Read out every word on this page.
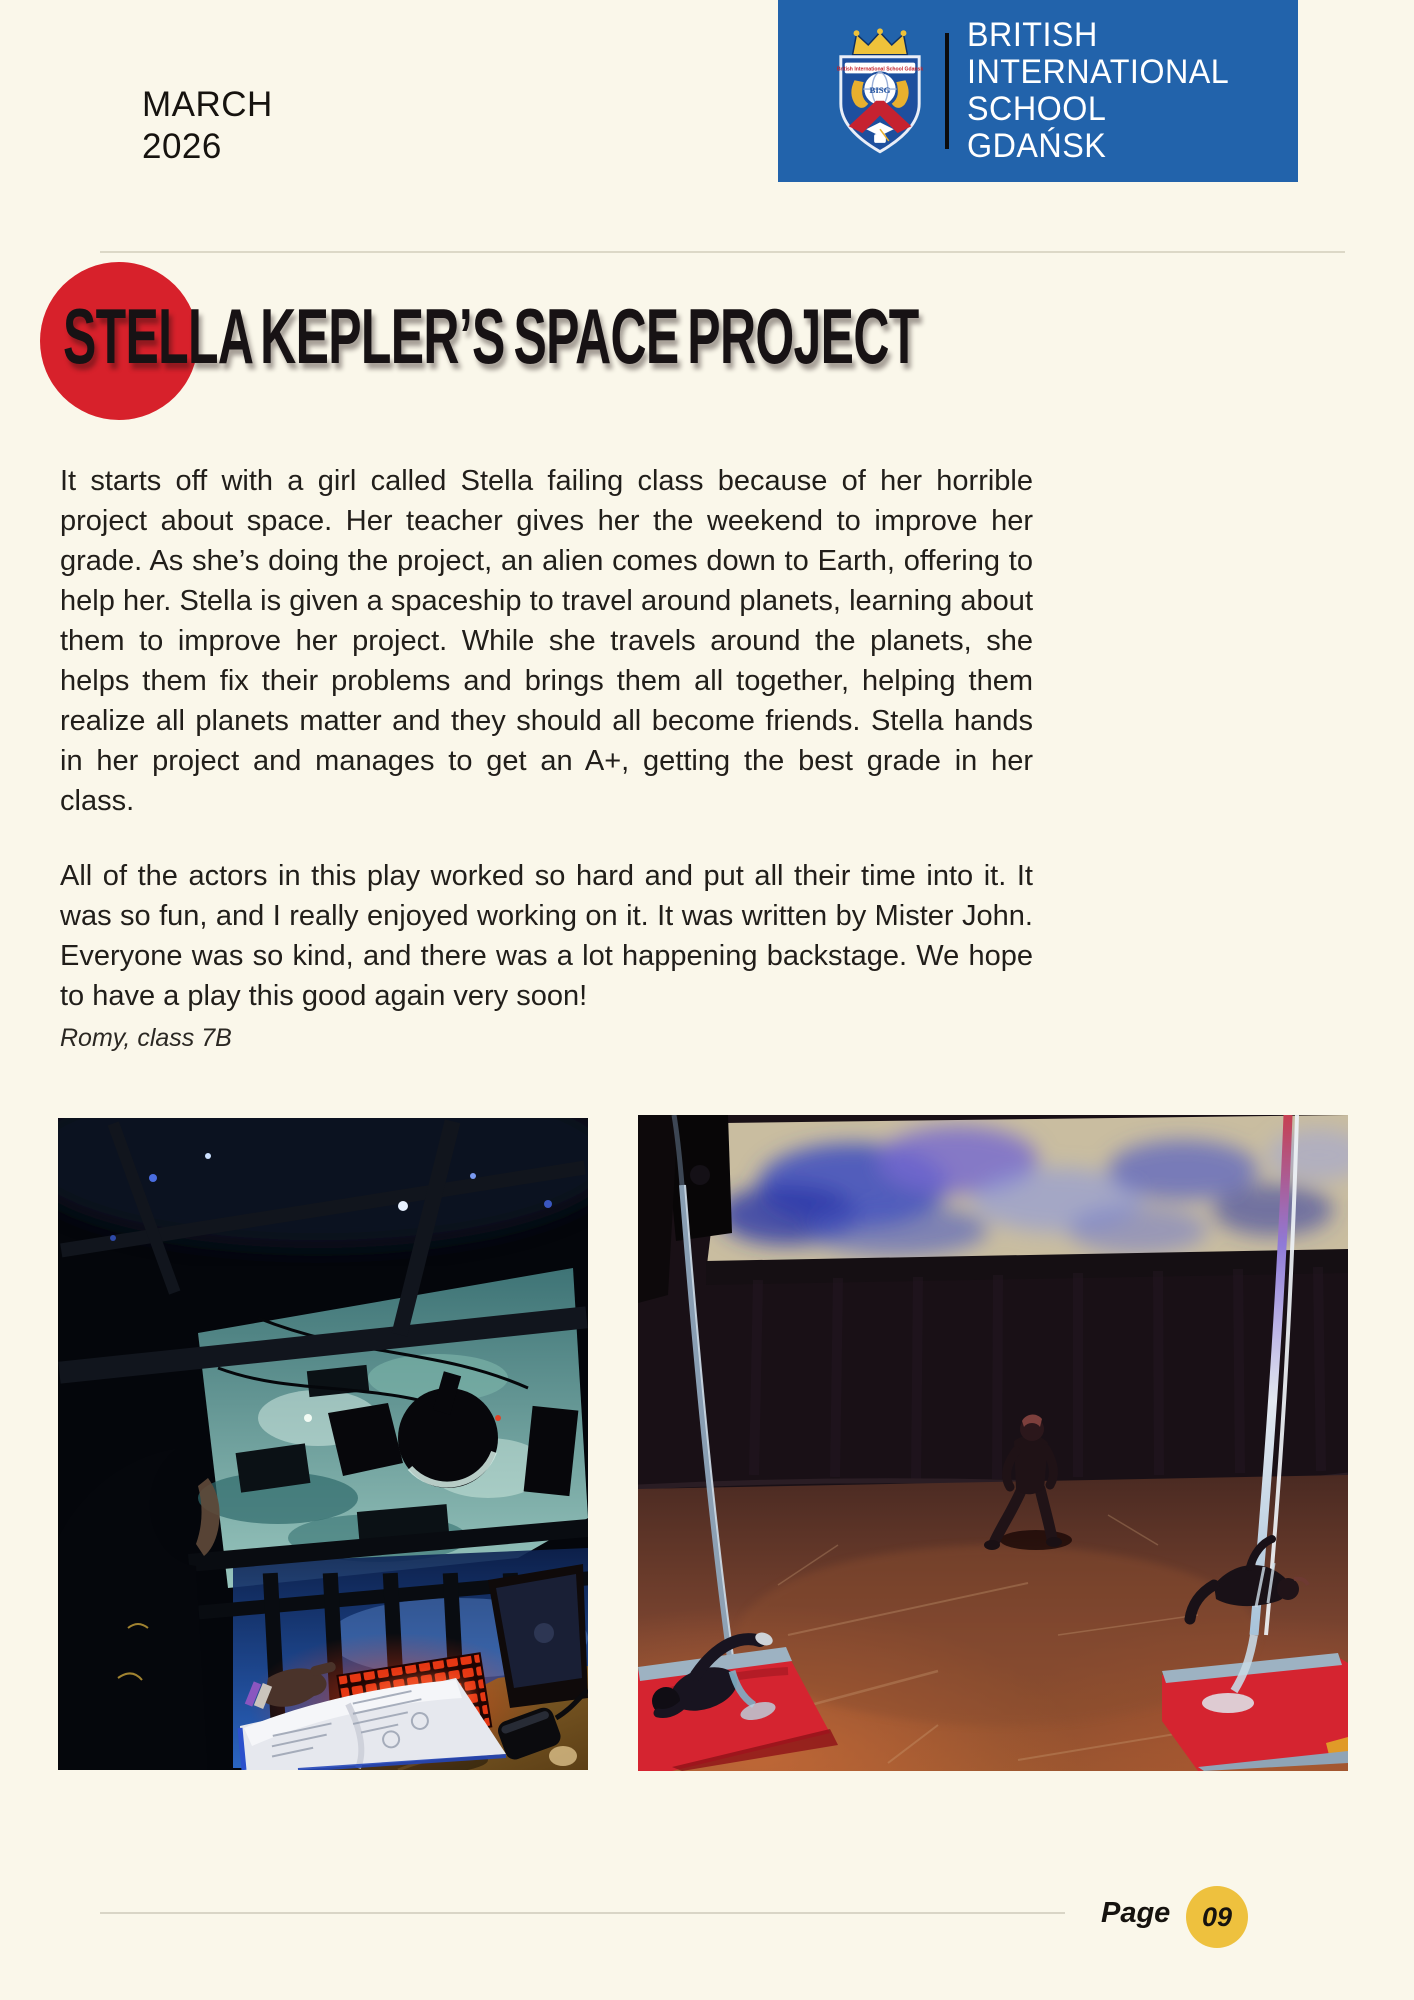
MARCH
2026
British International School Gdansk
BISG
BRITISH
INTERNATIONAL
SCHOOL
GDAŃSK
STELLA KEPLER’S SPACE PROJECT

It starts off with a girl called Stella failing class because of her horrible project about space. Her teacher gives her the weekend to improve her grade. As she’s doing the project, an alien comes down to Earth, offering to help her. Stella is given a spaceship to travel around planets, learning about them to improve her project. While she travels around the planets, she helps them fix their problems and brings them all together, helping them realize all planets matter and they should all become friends. Stella hands in her project and manages to get an A+, getting the best grade in her class.

All of the actors in this play worked so hard and put all their time into it. It was so fun, and I really enjoyed working on it. It was written by Mister John. Everyone was so kind, and there was a lot happening backstage. We hope to have a play this good again very soon!

Romy, class 7B
Page 09
